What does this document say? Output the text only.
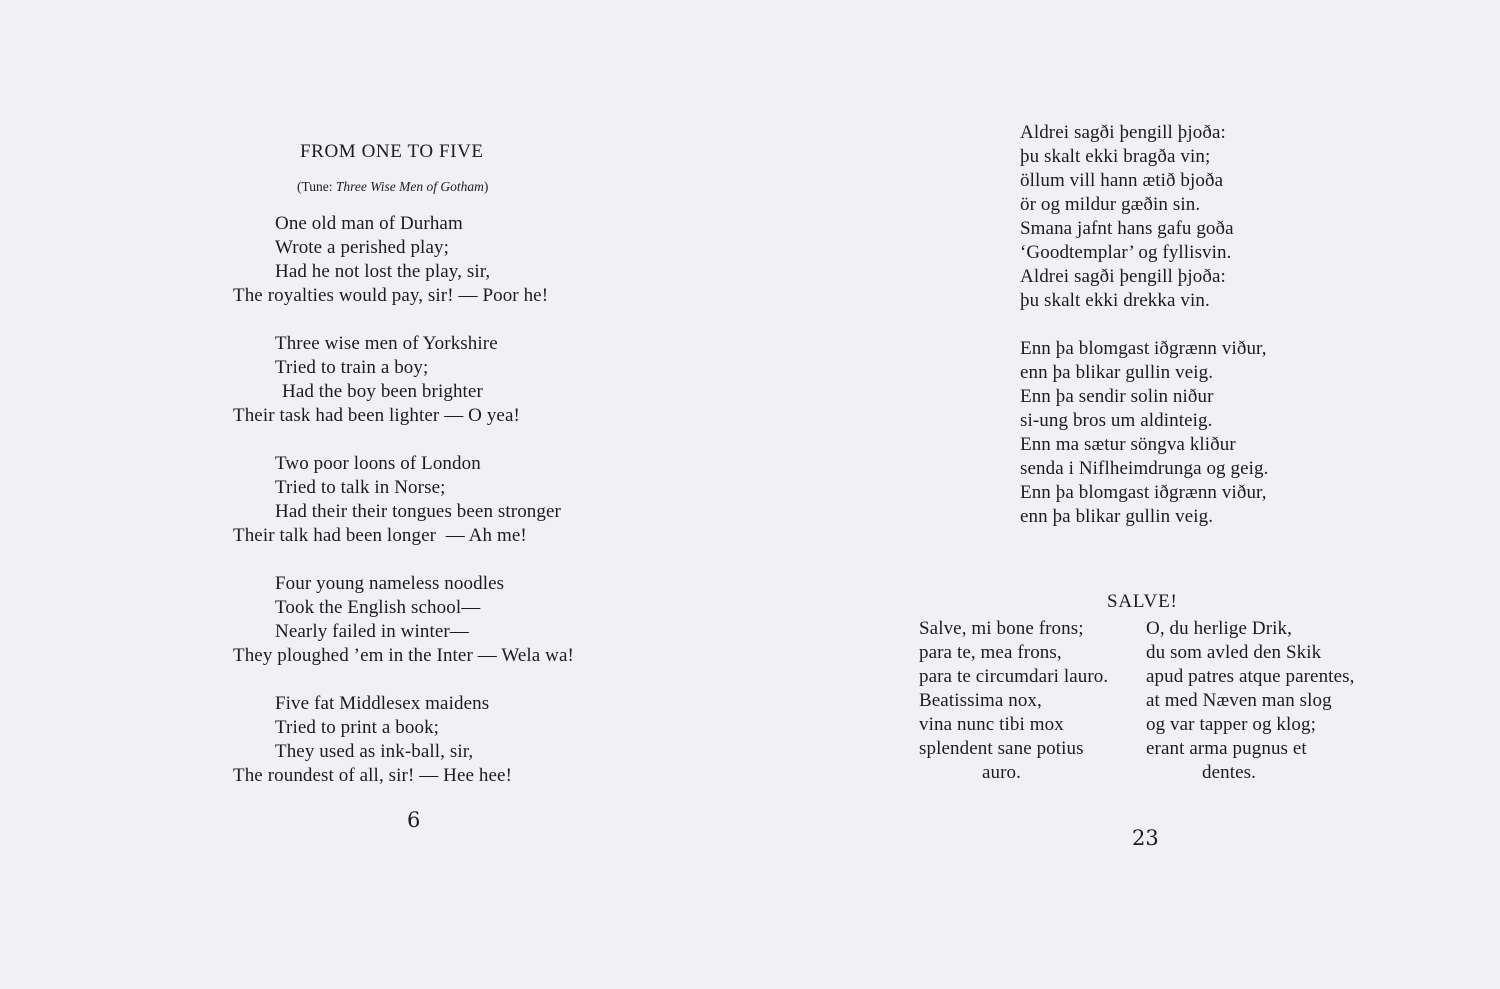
FROM ONE TO FIVE
(Tune: Three Wise Men of Gotham)
One old man of Durham
Wrote a perished play;
Had he not lost the play, sir,
The royalties would pay, sir! — Poor he!
Three wise men of Yorkshire
Tried to train a boy;
Had the boy been brighter
Their task had been lighter — O yea!
Two poor loons of London
Tried to talk in Norse;
Had their their tongues been stronger
Their talk had been longer  — Ah me!
Four young nameless noodles
Took the English school—
Nearly failed in winter—
They ploughed ’em in the Inter — Wela wa!
Five fat Middlesex maidens
Tried to print a book;
They used as ink-ball, sir,
The roundest of all, sir! — Hee hee!
6
Aldrei sagði þengill þjoða:
þu skalt ekki bragða vin;
öllum vill hann ætið bjoða
ör og mildur gæðin sin.
Smana jafnt hans gafu goða
‘Goodtemplar’ og fyllisvin.
Aldrei sagði þengill þjoða:
þu skalt ekki drekka vin.
Enn þa blomgast iðgrænn viður,
enn þa blikar gullin veig.
Enn þa sendir solin niður
si-ung bros um aldinteig.
Enn ma sætur söngva kliður
senda i Niflheimdrunga og geig.
Enn þa blomgast iðgrænn viður,
enn þa blikar gullin veig.
SALVE!
Salve, mi bone frons;
para te, mea frons,
para te circumdari lauro.
Beatissima nox,
vina nunc tibi mox
splendent sane potius
auro.
O, du herlige Drik,
du som avled den Skik
apud patres atque parentes,
at med Næven man slog
og var tapper og klog;
erant arma pugnus et
dentes.
23
